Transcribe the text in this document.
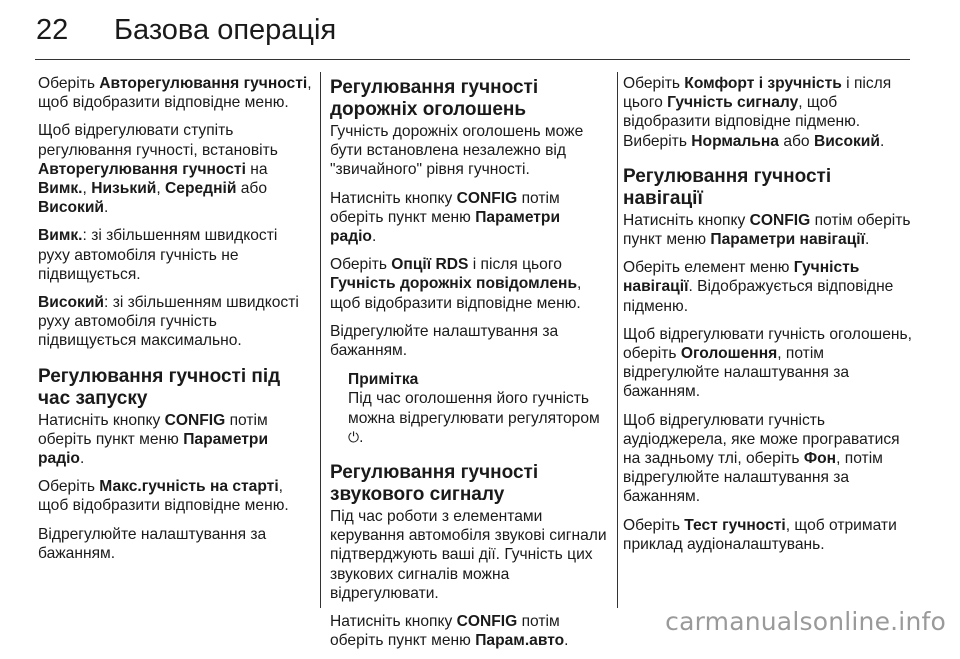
22 Базова операція

Оберіть Авторегулювання гучності, щоб відобразити відповідне меню.

Щоб відрегулювати ступіть регулювання гучності, встановіть Авторегулювання гучності на Вимк., Низький, Середній або Високий.

Вимк.: зі збільшенням швидкості руху автомобіля гучність не підвищується.

Високий: зі збільшенням швидкості руху автомобіля гучність підвищується максимально.

Регулювання гучності під час запуску

Натисніть кнопку CONFIG потім оберіть пункт меню Параметри радіо.

Оберіть Макс.гучність на старті, щоб відобразити відповідне меню.

Відрегулюйте налаштування за бажанням.

Регулювання гучності дорожніх оголошень

Гучність дорожніх оголошень може бути встановлена незалежно від "звичайного" рівня гучності.

Натисніть кнопку CONFIG потім оберіть пункт меню Параметри радіо.

Оберіть Опції RDS і після цього Гучність дорожніх повідомлень, щоб відобразити відповідне меню.

Відрегулюйте налаштування за бажанням.

Примітка
Під час оголошення його гучність можна відрегулювати регулятором ⏻.
Регулювання гучності звукового сигналу

Під час роботи з елементами керування автомобіля звукові сигнали підтверджують ваші дії. Гучність цих звукових сигналів можна відрегулювати.

Натисніть кнопку CONFIG потім оберіть пункт меню Парам.авто.

Оберіть Комфорт і зручність і після цього Гучність сигналу, щоб відобразити відповідне підменю. Виберіть Нормальна або Високий.

Регулювання гучності навігації

Натисніть кнопку CONFIG потім оберіть пункт меню Параметри навігації.

Оберіть елемент меню Гучність навігації. Відображується відповідне підменю.

Щоб відрегулювати гучність оголошень, оберіть Оголошення, потім відрегулюйте налаштування за бажанням.

Щоб відрегулювати гучність аудіоджерела, яке може програватися на задньому тлі, оберіть Фон, потім відрегулюйте налаштування за бажанням.

Оберіть Тест гучності, щоб отримати приклад аудіоналаштувань.

carmanualsonline.info
